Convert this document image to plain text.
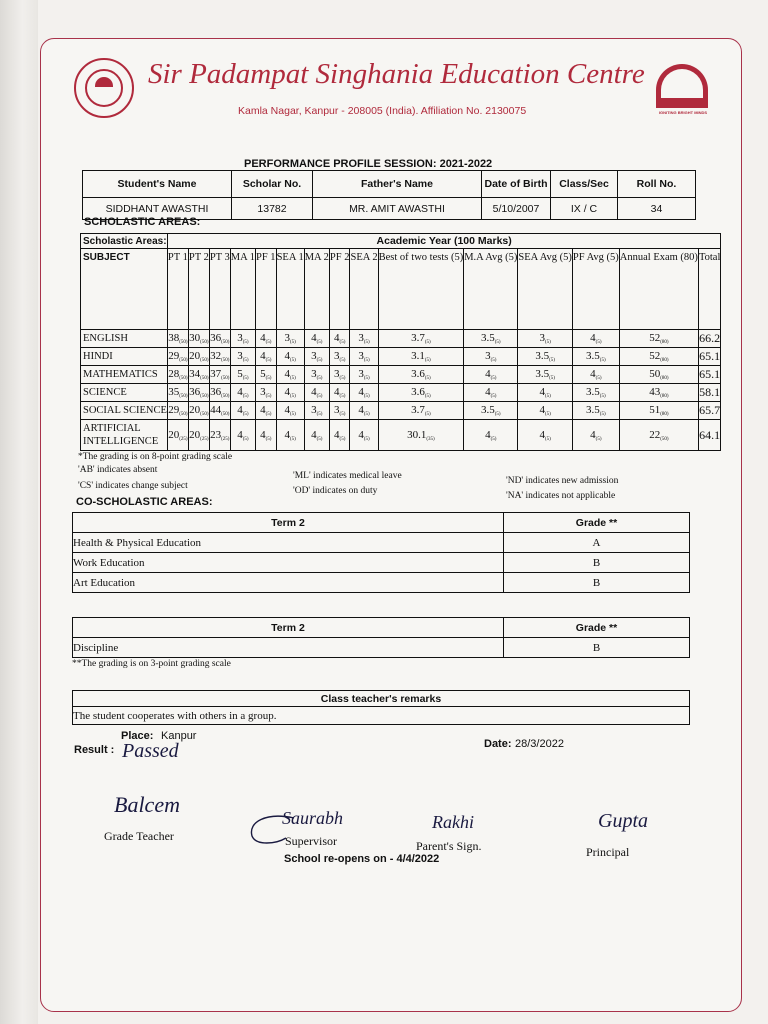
IGNITING BRIGHT MINDS
Sir Padampat Singhania Education Centre
Kamla Nagar, Kanpur - 208005 (India). Affiliation No. 2130075
PERFORMANCE PROFILE SESSION: 2021-2022
Student's Name	Scholar No.	Father's Name	Date of Birth	Class/Sec	Roll No.
SIDDHANT AWASTHI	13782	MR. AMIT AWASTHI	5/10/2007	IX / C	34
SCHOLASTIC AREAS:
Scholastic Areas:	Academic Year (100 Marks)														
SUBJECT	PT 1	PT 2	PT 3	MA 1	PF 1	SEA 1	MA 2	PF 2	SEA 2	Best of two tests (5)	M.A Avg (5)	SEA Avg (5)	PF Avg (5)	Annual Exam (80)	Total
ENGLISH	$38_{(50)}$	$30_{(50)}$	$36_{(50)}$	$3_{(5)}$	$4_{(5)}$	$3_{(5)}$	$4_{(5)}$	$4_{(5)}$	$3_{(5)}$	$3.7_{(5)}$	$3.5_{(5)}$	$3_{(5)}$	$4_{(5)}$	$52_{(80)}$	66.2
HINDI	$29_{(50)}$	$20_{(50)}$	$32_{(50)}$	$3_{(5)}$	$4_{(5)}$	$4_{(5)}$	$3_{(5)}$	$3_{(5)}$	$3_{(5)}$	$3.1_{(5)}$	$3_{(5)}$	$3.5_{(5)}$	$3.5_{(5)}$	$52_{(80)}$	65.1
MATHEMATICS	$28_{(50)}$	$34_{(50)}$	$37_{(50)}$	$5_{(5)}$	$5_{(5)}$	$4_{(5)}$	$3_{(5)}$	$3_{(5)}$	$3_{(5)}$	$3.6_{(5)}$	$4_{(5)}$	$3.5_{(5)}$	$4_{(5)}$	$50_{(80)}$	65.1
SCIENCE	$35_{(50)}$	$36_{(50)}$	$36_{(50)}$	$4_{(5)}$	$3_{(5)}$	$4_{(5)}$	$4_{(5)}$	$4_{(5)}$	$4_{(5)}$	$3.6_{(5)}$	$4_{(5)}$	$4_{(5)}$	$3.5_{(5)}$	$43_{(80)}$	58.1
SOCIAL SCIENCE	$29_{(50)}$	$20_{(50)}$	$44_{(50)}$	$4_{(5)}$	$4_{(5)}$	$4_{(5)}$	$3_{(5)}$	$3_{(5)}$	$4_{(5)}$	$3.7_{(5)}$	$3.5_{(5)}$	$4_{(5)}$	$3.5_{(5)}$	$51_{(80)}$	65.7
ARTIFICIAL INTELLIGENCE	$20_{(25)}$	$20_{(25)}$	$23_{(25)}$	$4_{(5)}$	$4_{(5)}$	$4_{(5)}$	$4_{(5)}$	$4_{(5)}$	$4_{(5)}$	$30.1_{(35)}$	$4_{(5)}$	$4_{(5)}$	$4_{(5)}$	$22_{(50)}$	64.1
*The grading is on 8-point grading scale
'AB' indicates absent
'CS' indicates change subject
'ML' indicates medical leave
'OD' indicates on duty
'ND' indicates new admission
'NA' indicates not applicable
CO-SCHOLASTIC AREAS:
Term 2	Grade **
Health & Physical Education	A
Work Education	B
Art Education	B
Term 2	Grade **
Discipline	B
**The grading is on 3-point grading scale
Class teacher's remarks
The student cooperates with others in a group.
Place: Kanpur
Date: 28/3/2022
Result : Passed
Balcem
Saurabh	Rakhi	Gupta
Grade Teacher	Supervisor	Parent's Sign.	Principal
School re-opens on - 4/4/2022
